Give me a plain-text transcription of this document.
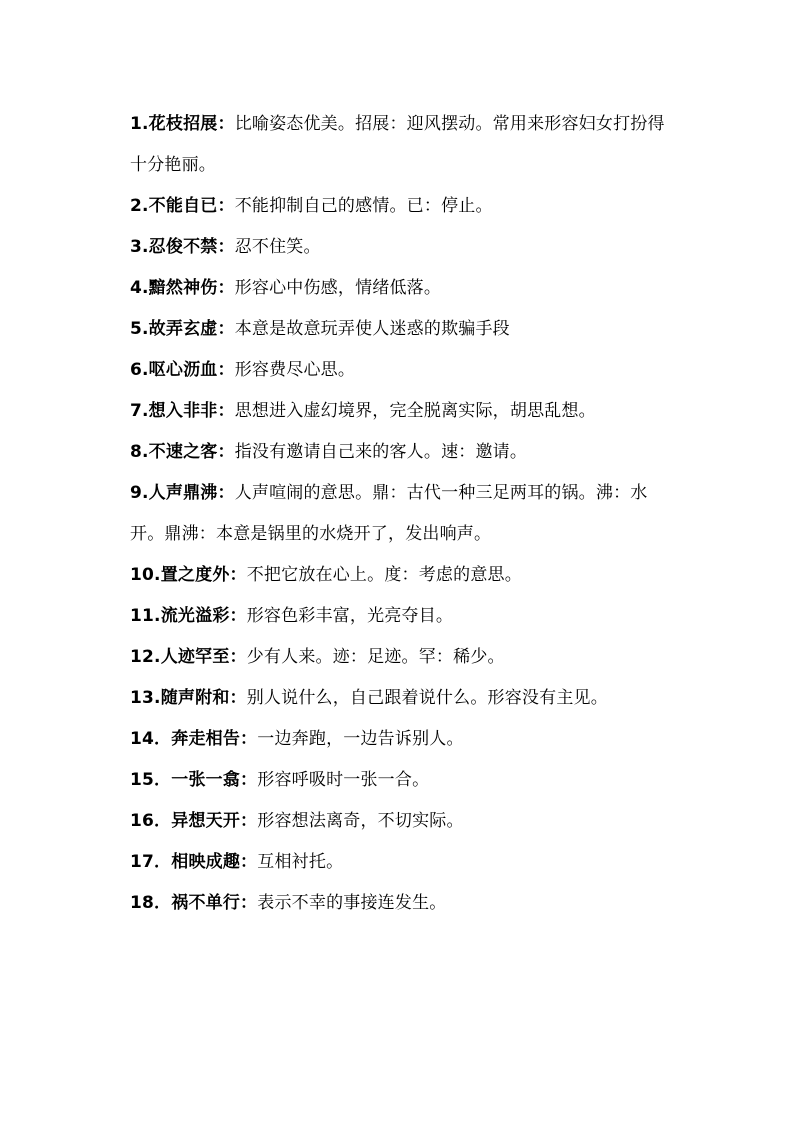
1.花枝招展：比喻姿态优美。招展：迎风摆动。常用来形容妇女打扮得十分艳丽。

2.不能自已：不能抑制自己的感情。已：停止。

3.忍俊不禁：忍不住笑。

4.黯然神伤：形容心中伤感，情绪低落。

5.故弄玄虚：本意是故意玩弄使人迷惑的欺骗手段

6.呕心沥血：形容费尽心思。

7.想入非非：思想进入虚幻境界，完全脱离实际，胡思乱想。

8.不速之客：指没有邀请自己来的客人。速：邀请。

9.人声鼎沸：人声喧闹的意思。鼎：古代一种三足两耳的锅。沸：水开。鼎沸：本意是锅里的水烧开了，发出响声。

10.置之度外：不把它放在心上。度：考虑的意思。

11.流光溢彩：形容色彩丰富，光亮夺目。

12.人迹罕至：少有人来。迹：足迹。罕：稀少。

13.随声附和：别人说什么，自己跟着说什么。形容没有主见。

14．奔走相告：一边奔跑，一边告诉别人。

15．一张一翕：形容呼吸时一张一合。

16．异想天开：形容想法离奇，不切实际。

17．相映成趣：互相衬托。

18．祸不单行：表示不幸的事接连发生。
